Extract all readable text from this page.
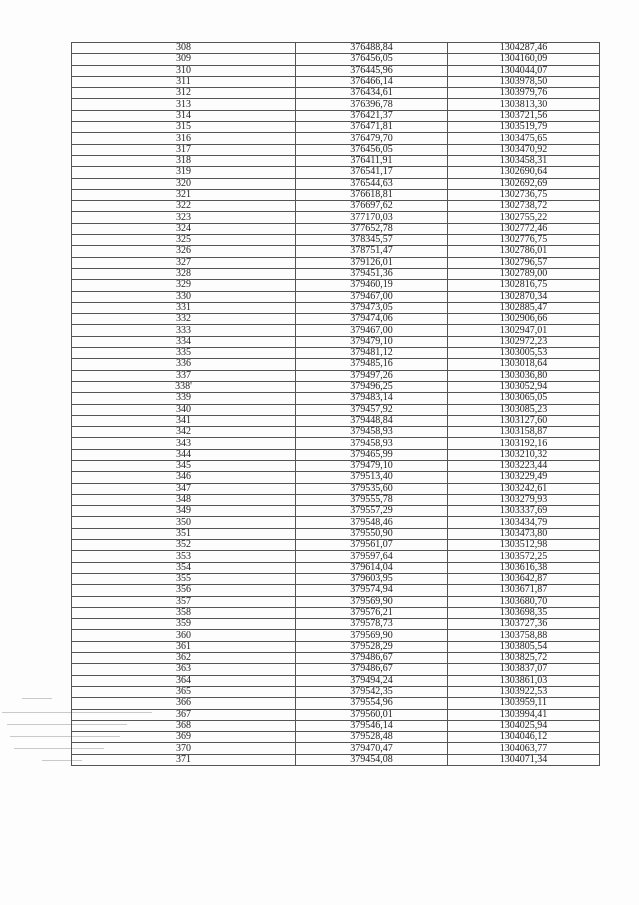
308	376488,84	1304287,46
309	376456,05	1304160,09
310	376445,96	1304044,07
311	376466,14	1303978,50
312	376434,61	1303979,76
313	376396,78	1303813,30
314	376421,37	1303721,56
315	376471,81	1303519,79
316	376479,70	1303475,65
317	376456,05	1303470,92
318	376411,91	1303458,31
319	376541,17	1302690,64
320	376544,63	1302692,69
321	376618,81	1302736,75
322	376697,62	1302738,72
323	377170,03	1302755,22
324	377652,78	1302772,46
325	378345,57	1302776,75
326	378751,47	1302786,01
327	379126,01	1302796,57
328	379451,36	1302789,00
329	379460,19	1302816,75
330	379467,00	1302870,34
331	379473,05	1302885,47
332	379474,06	1302906,66
333	379467,00	1302947,01
334	379479,10	1302972,23
335	379481,12	1303005,53
336	379485,16	1303018,64
337	379497,26	1303036,80
338'	379496,25	1303052,94
339	379483,14	1303065,05
340	379457,92	1303085,23
341	379448,84	1303127,60
342	379458,93	1303158,87
343	379458,93	1303192,16
344	379465,99	1303210,32
345	379479,10	1303223,44
346	379513,40	1303229,49
347	379535,60	1303242,61
348	379555,78	1303279,93
349	379557,29	1303337,69
350	379548,46	1303434,79
351	379550,90	1303473,80
352	379561,07	1303512,98
353	379597,64	1303572,25
354	379614,04	1303616,38
355	379603,95	1303642,87
356	379574,94	1303671,87
357	379569,90	1303680,70
358	379576,21	1303698,35
359	379578,73	1303727,36
360	379569,90	1303758,88
361	379528,29	1303805,54
362	379486,67	1303825,72
363	379486,67	1303837,07
364	379494,24	1303861,03
365	379542,35	1303922,53
366	379554,96	1303959,11
367	379560,01	1303994,41
368	379546,14	1304025,94
369	379528,48	1304046,12
370	379470,47	1304063,77
371	379454,08	1304071,34
